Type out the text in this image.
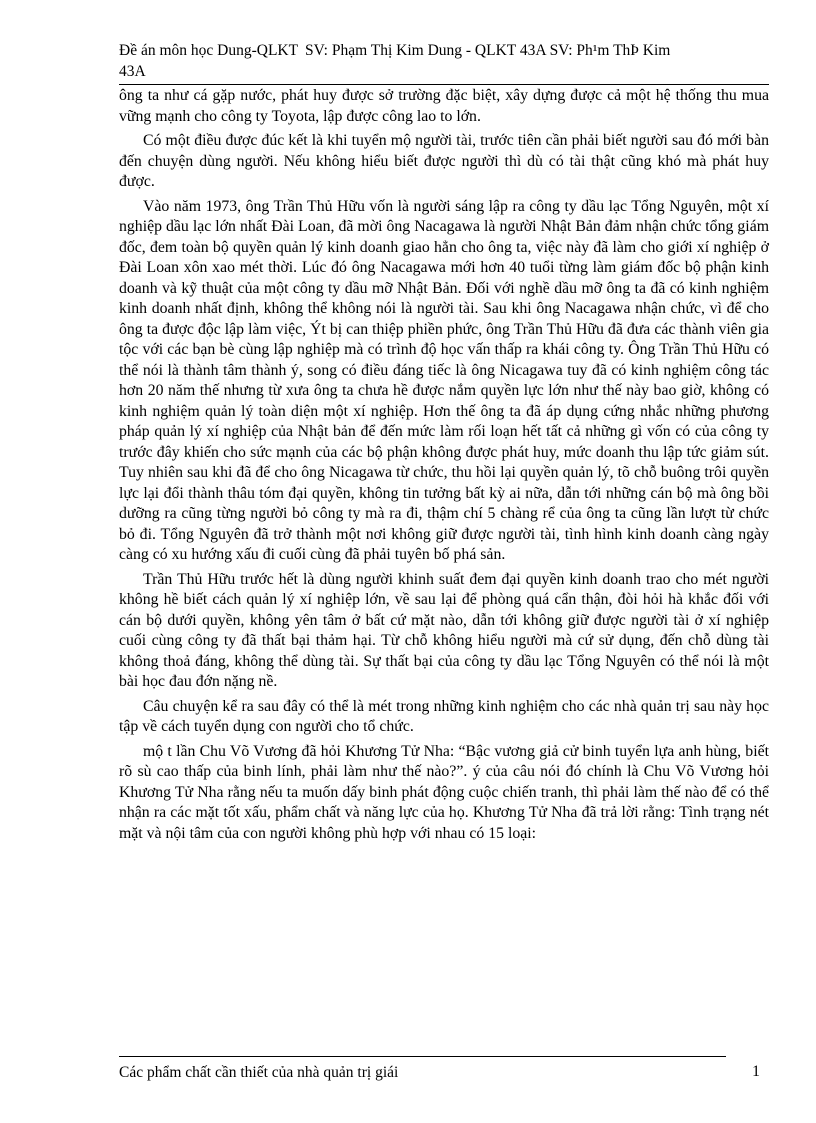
Đề án môn học Dung-QLKT 43A
SV: Phạm Thị Kim Dung - QLKT 43A SV: Ph¹m ThÞ Kim

ông ta như cá gặp nước, phát huy được sở trường đặc biệt, xây dựng được cả một hệ thống thu mua vững mạnh cho công ty Toyota, lập được công lao to lớn.

Có một điều được đúc kết là khi tuyển mộ người tài, trước tiên cần phải biết người sau đó mới bàn đến chuyện dùng người. Nếu không hiểu biết được người thì dù có tài thật cũng khó mà phát huy được.

Vào năm 1973, ông Trần Thủ Hữu vốn là người sáng lập ra công ty dầu lạc Tổng Nguyên, một xí nghiệp dầu lạc lớn nhất Đài Loan, đã mời ông Nacagawa là người Nhật Bản đảm nhận chức tổng giám đốc, đem toàn bộ quyền quản lý kinh doanh giao hẳn cho ông ta, việc này đã làm cho giới xí nghiệp ở Đài Loan xôn xao mét thời. Lúc đó ông Nacagawa mới hơn 40 tuổi từng làm giám đốc bộ phận kinh doanh và kỹ thuật của một công ty dầu mỡ Nhật Bản. Đối với nghề dầu mỡ ông ta đã có kinh nghiệm kinh doanh nhất định, không thể không nói là người tài. Sau khi ông Nacagawa nhận chức, vì để cho ông ta được độc lập làm việc, Ýt bị can thiệp phiền phức, ông Trần Thủ Hữu đã đưa các thành viên gia tộc với các bạn bè cùng lập nghiệp mà có trình độ học vấn thấp ra khái công ty. Ông Trần Thủ Hữu có thể nói là thành tâm thành ý, song có điều đáng tiếc là ông Nicagawa tuy đã có kinh nghiệm công tác hơn 20 năm thế nhưng từ xưa ông ta chưa hề được nắm quyền lực lớn như thế này bao giờ, không có kinh nghiệm quản lý toàn diện một xí nghiệp. Hơn thế ông ta đã áp dụng cứng nhắc những phương pháp quản lý xí nghiệp của Nhật bản để đến mức làm rối loạn hết tất cả những gì vốn có của công ty trước đây khiến cho sức mạnh của các bộ phận không được phát huy, mức doanh thu lập tức giảm sút. Tuy nhiên sau khi đã để cho ông Nicagawa từ chức, thu hồi lại quyền quản lý, tõ chỗ buông trôi quyền lực lại đổi thành thâu tóm đại quyền, không tin tưởng bất kỳ ai nữa, dẫn tới những cán bộ mà ông bồi dưỡng ra cũng từng người bỏ công ty mà ra đi, thậm chí 5 chàng rể của ông ta cũng lần lượt từ chức bỏ đi. Tổng Nguyên đã trở thành một nơi không giữ được người tài, tình hình kinh doanh càng ngày càng có xu hướng xấu đi cuối cùng đã phải tuyên bố phá sản.

Trần Thủ Hữu trước hết là dùng người khinh suất đem đại quyền kinh doanh trao cho mét người không hề biết cách quản lý xí nghiệp lớn, về sau lại để phòng quá cẩn thận, đòi hỏi hà khắc đối với cán bộ dưới quyền, không yên tâm ở bất cứ mặt nào, dẫn tới không giữ được người tài ở xí nghiệp cuối cùng công ty đã thất bại thảm hại. Từ chỗ không hiểu người mà cứ sử dụng, đến chỗ dùng tài không thoả đáng, không thể dùng tài. Sự thất bại của công ty dầu lạc Tổng Nguyên có thể nói là một bài học đau đớn nặng nề.

Câu chuyện kể ra sau đây có thể là mét trong những kinh nghiệm cho các nhà quản trị sau này học tập về cách tuyển dụng con người cho tổ chức.

mộ t lần Chu Võ Vương đã hỏi Khương Tử Nha: “Bậc vương giả cử binh tuyển lựa anh hùng, biết rõ sù cao thấp của binh lính, phải làm như thế nào?”. ý của câu nói đó chính là Chu Võ Vương hỏi Khương Tử Nha rằng nếu ta muốn dấy binh phát động cuộc chiến tranh, thì phải làm thế nào để có thể nhận ra các mặt tốt xấu, phẩm chất và năng lực của họ. Khương Tử Nha đã trả lời rằng: Tình trạng nét mặt và nội tâm của con người không phù hợp với nhau có 15 loại:

Các phẩm chất cần thiết của nhà quản trị giái	1
